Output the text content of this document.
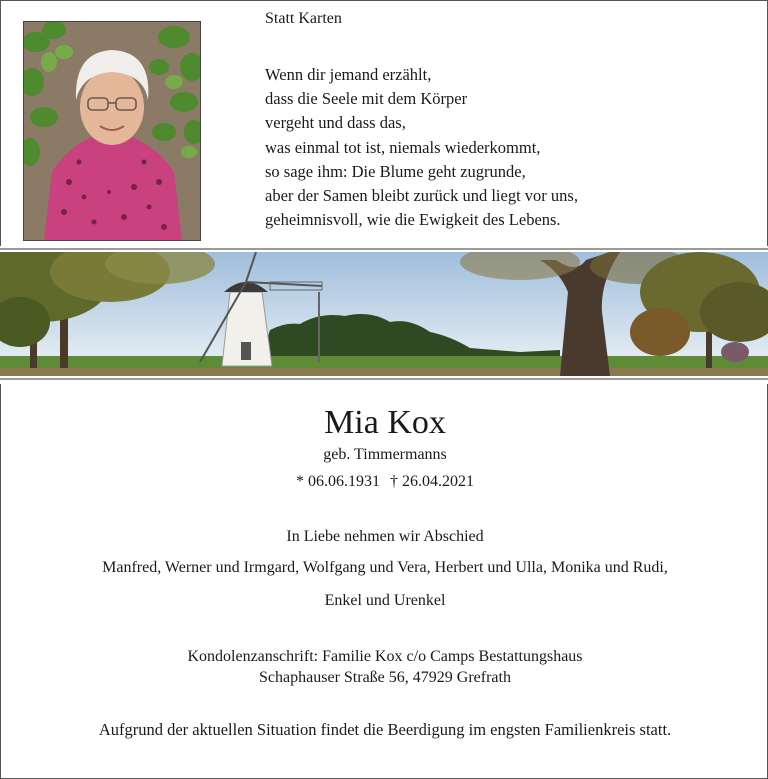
Statt Karten
Wenn dir jemand erzählt,
dass die Seele mit dem Körper
vergeht und dass das,
was einmal tot ist, niemals wiederkommt,
so sage ihm: Die Blume geht zugrunde,
aber der Samen bleibt zurück und liegt vor uns,
geheimnisvoll, wie die Ewigkeit des Lebens.
Mia Kox
geb. Timmermanns
* 06.06.1931 † 26.04.2021
In Liebe nehmen wir Abschied
Manfred, Werner und Irmgard, Wolfgang und Vera, Herbert und Ulla, Monika und Rudi,
Enkel und Urenkel
Kondolenzanschrift: Familie Kox c/o Camps Bestattungshaus
Schaphauser Straße 56, 47929 Grefrath
Aufgrund der aktuellen Situation findet die Beerdigung im engsten Familienkreis statt.
